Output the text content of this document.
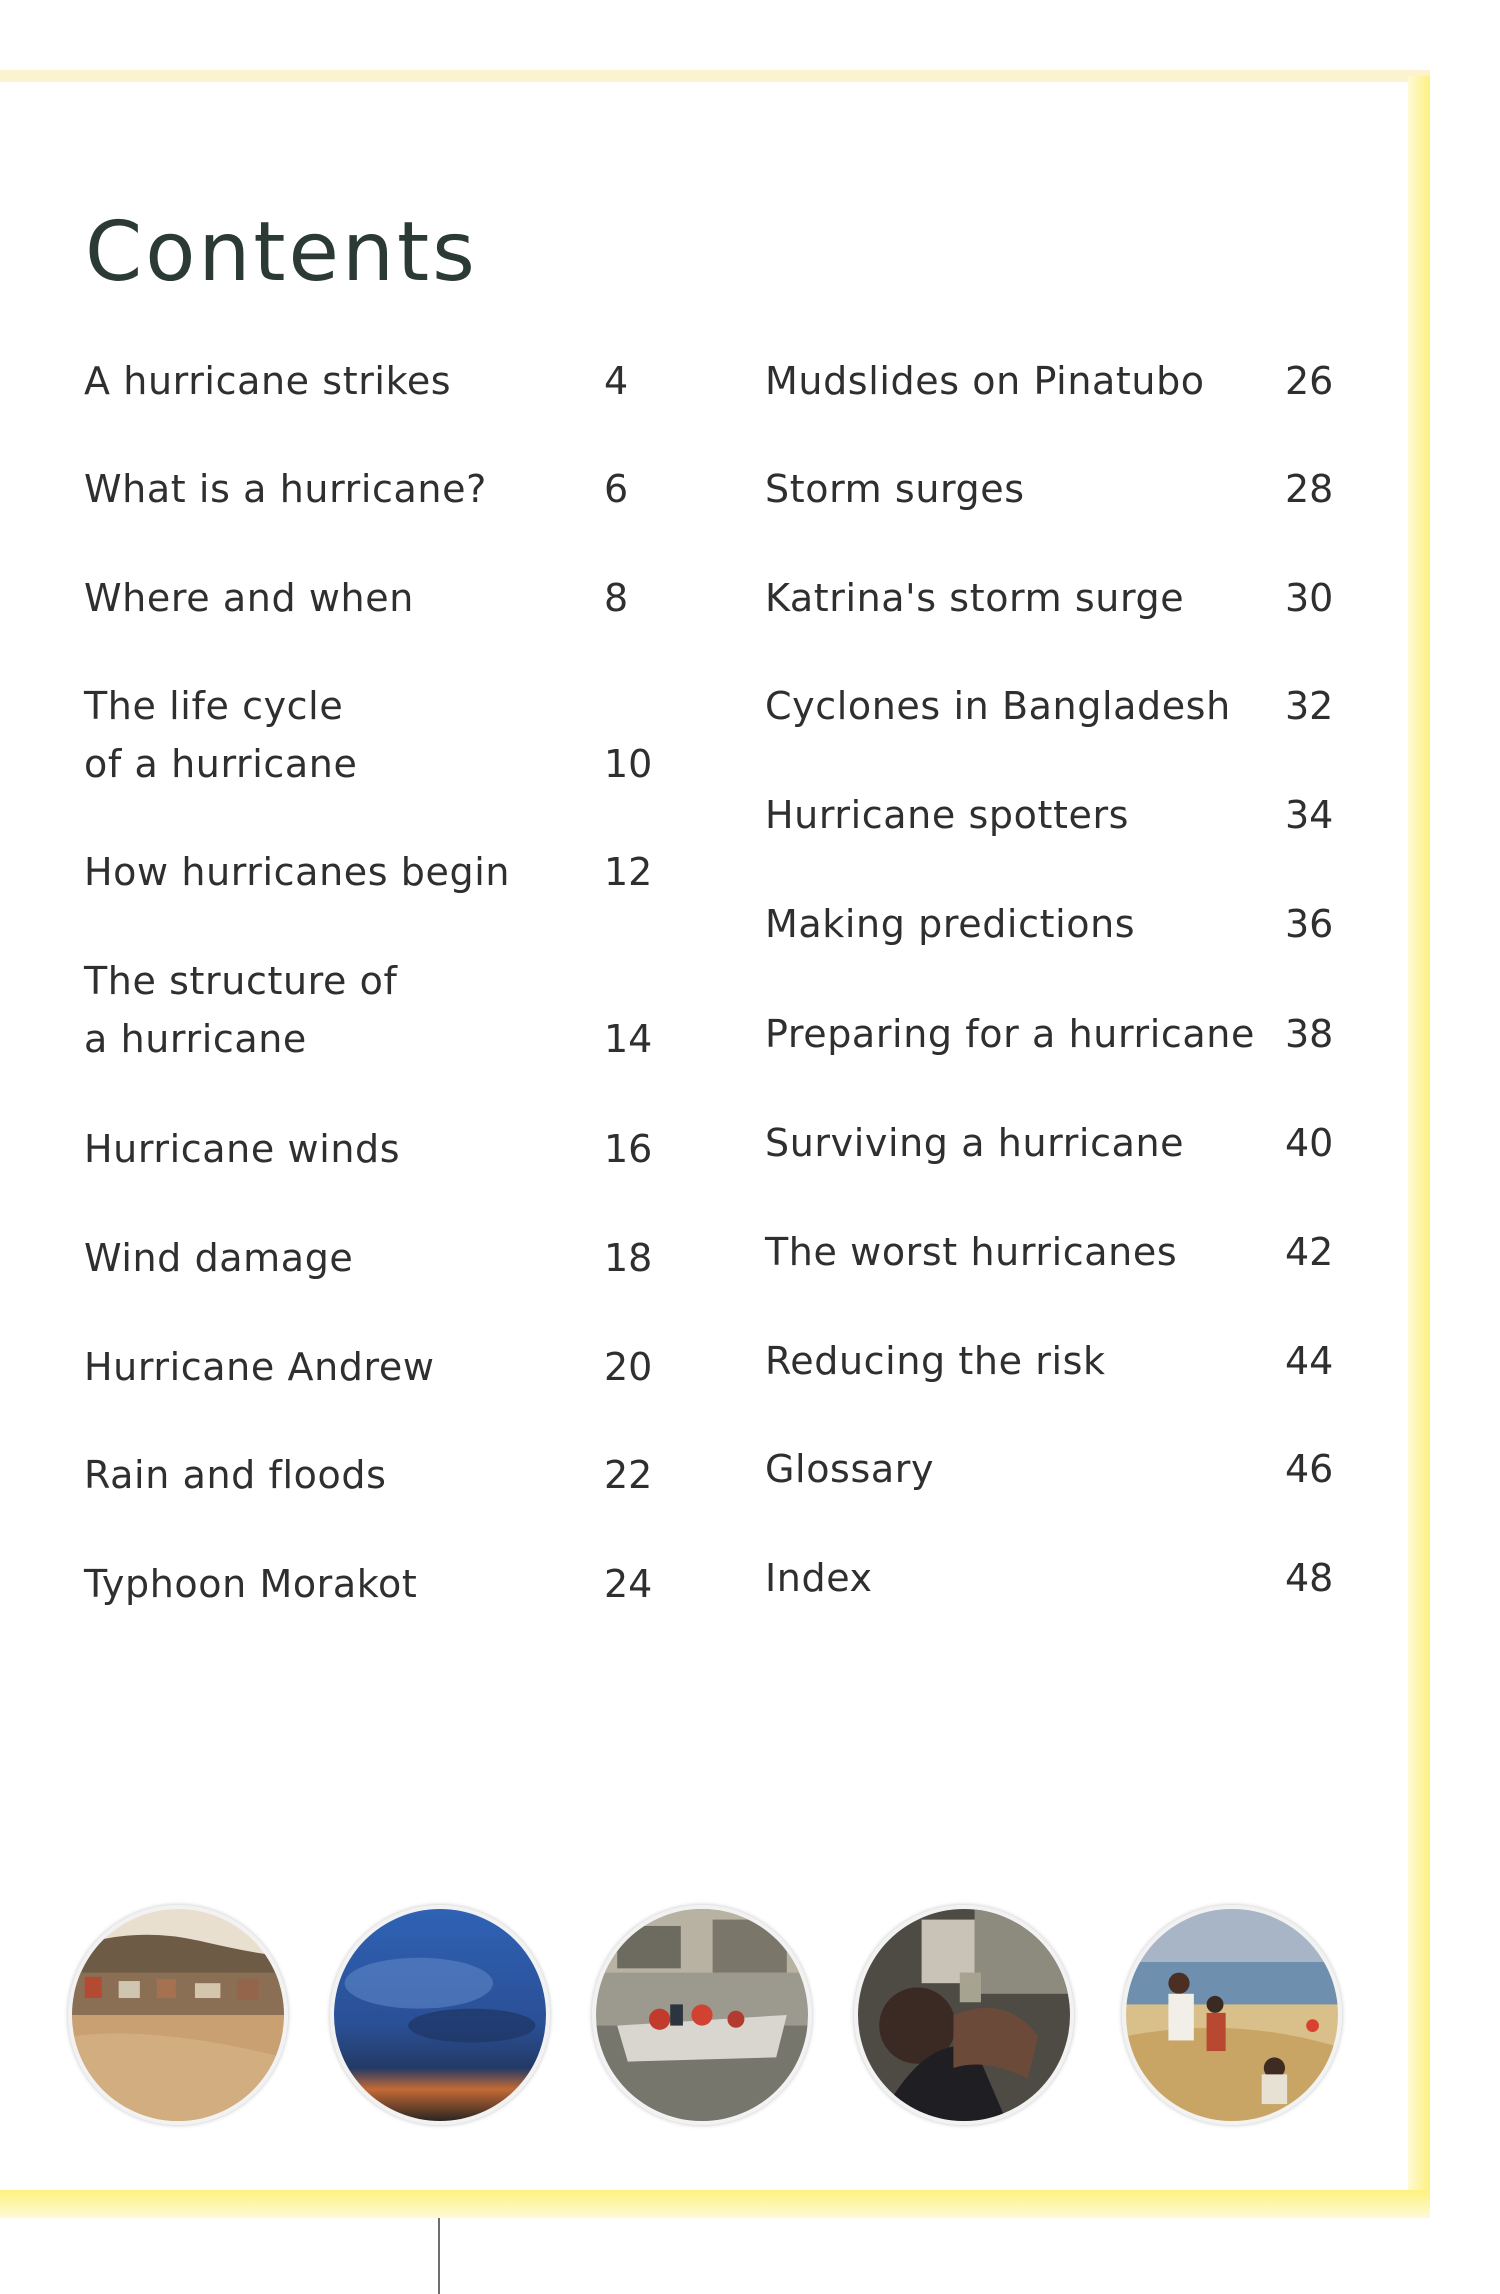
Contents
A hurricane strikes	4
What is a hurricane?	6
Where and when	8
The life cycle
of a hurricane	10
How hurricanes begin 12
The structure of
a hurricane	14
Hurricane winds	16
Wind damage	18
Hurricane Andrew	20
Rain and floods	22
Typhoon Morakot	24
Mudslides on Pinatubo 26
Storm surges	28
Katrina's storm surge	30
Cyclones in Bangladesh 32
Hurricane spotters	34
Making predictions	36
Preparing for a hurricane 38
Surviving a hurricane	40
The worst hurricanes	42
Reducing the risk	44
Glossary	46
Index	48
